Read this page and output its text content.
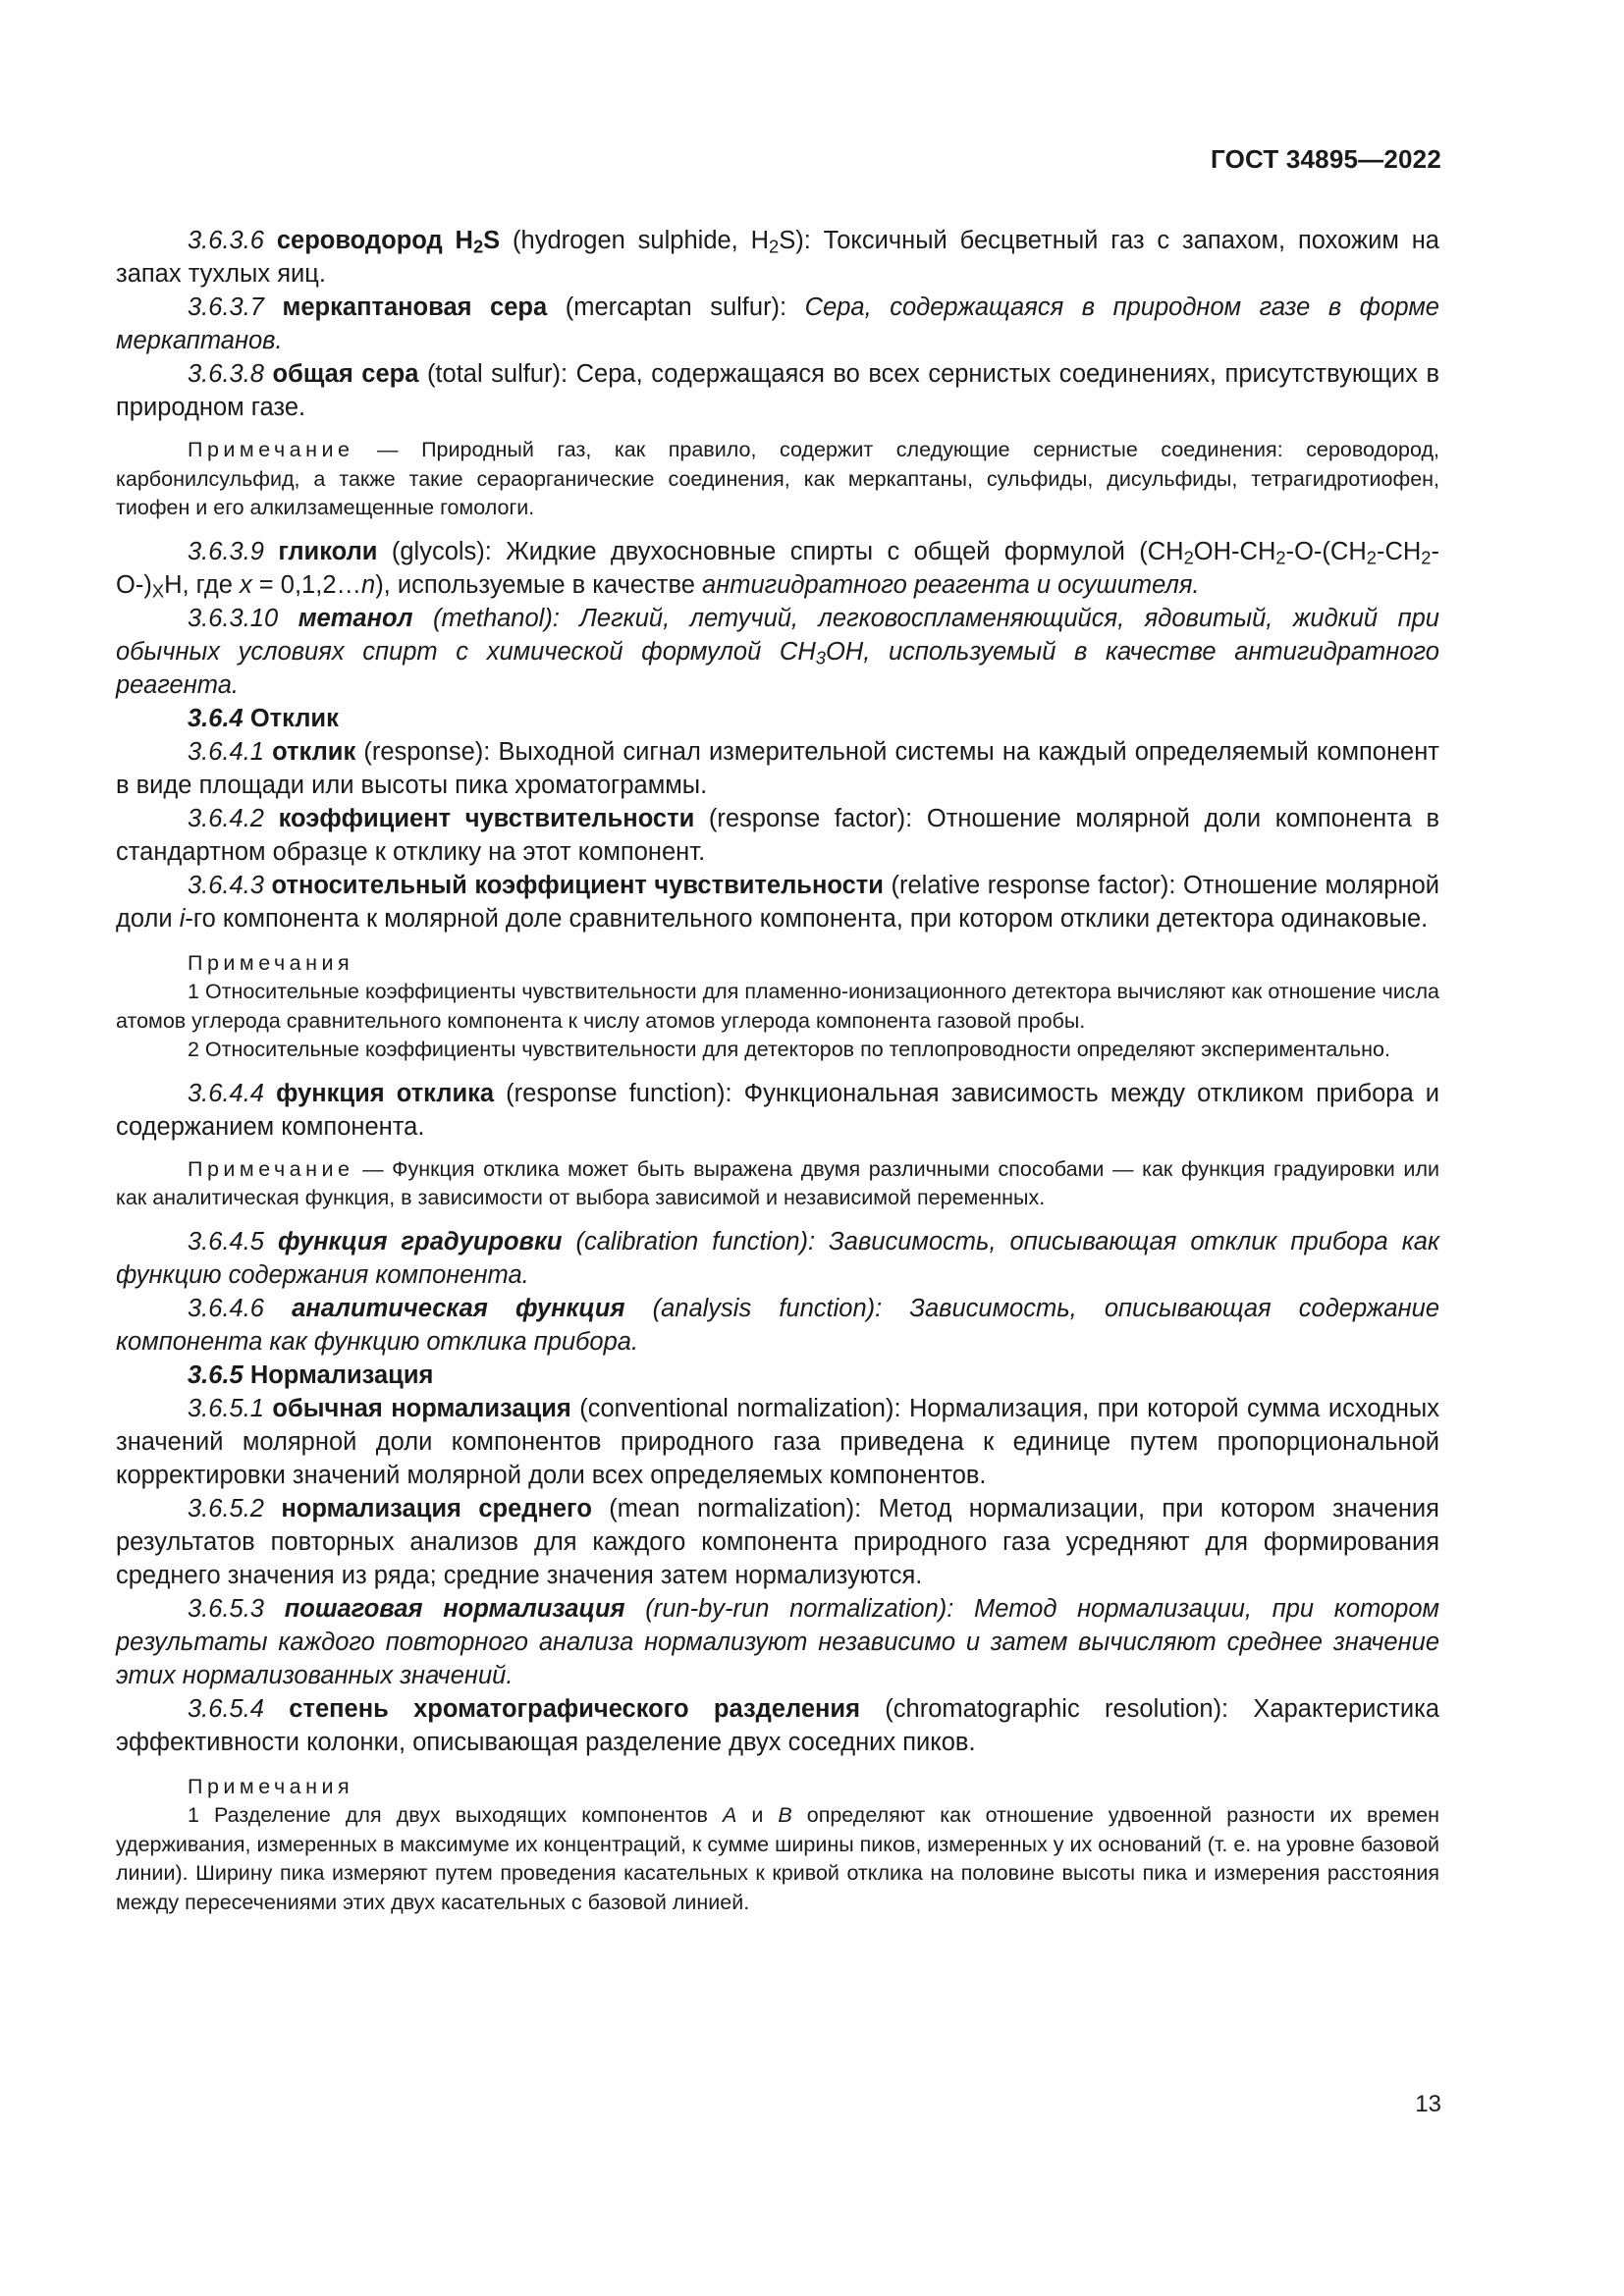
ГОСТ 34895—2022

3.6.3.6 сероводород $H_2S$ (hydrogen sulphide, $H_2S$): Токсичный бесцветный газ с запахом, похожим на запах тухлых яиц.

3.6.3.7 меркаптановая сера (mercaptan sulfur): Сера, содержащаяся в природном газе в форме меркаптанов.

3.6.3.8 общая сера (total sulfur): Сера, содержащаяся во всех сернистых соединениях, присутствующих в природном газе.

Примечание — Природный газ, как правило, содержит следующие сернистые соединения: сероводород, карбонилсульфид, а также такие сераорганические соединения, как меркаптаны, сульфиды, дисульфиды, тетрагидротиофен, тиофен и его алкилзамещенные гомологи.

3.6.3.9 гликоли (glycols): Жидкие двухосновные спирты с общей формулой ($CH_2OH-CH_2-O-(CH_2-CH_2-O-)_XH$, где x = 0,1,2…n), используемые в качестве антигидратного реагента и осушителя.

3.6.3.10 метанол (methanol): Легкий, летучий, легковоспламеняющийся, ядовитый, жидкий при обычных условиях спирт с химической формулой $CH_3OH$, используемый в качестве антигидратного реагента.

3.6.4 Отклик

3.6.4.1 отклик (response): Выходной сигнал измерительной системы на каждый определяемый компонент в виде площади или высоты пика хроматограммы.

3.6.4.2 коэффициент чувствительности (response factor): Отношение молярной доли компонента в стандартном образце к отклику на этот компонент.

3.6.4.3 относительный коэффициент чувствительности (relative response factor): Отношение молярной доли i-го компонента к молярной доле сравнительного компонента, при котором отклики детектора одинаковые.

Примечания

1 Относительные коэффициенты чувствительности для пламенно-ионизационного детектора вычисляют как отношение числа атомов углерода сравнительного компонента к числу атомов углерода компонента газовой пробы.

2 Относительные коэффициенты чувствительности для детекторов по теплопроводности определяют экспериментально.

3.6.4.4 функция отклика (response function): Функциональная зависимость между откликом прибора и содержанием компонента.

Примечание — Функция отклика может быть выражена двумя различными способами — как функция градуировки или как аналитическая функция, в зависимости от выбора зависимой и независимой переменных.

3.6.4.5 функция градуировки (calibration function): Зависимость, описывающая отклик прибора как функцию содержания компонента.

3.6.4.6 аналитическая функция (analysis function): Зависимость, описывающая содержание компонента как функцию отклика прибора.

3.6.5 Нормализация

3.6.5.1 обычная нормализация (conventional normalization): Нормализация, при которой сумма исходных значений молярной доли компонентов природного газа приведена к единице путем пропорциональной корректировки значений молярной доли всех определяемых компонентов.

3.6.5.2 нормализация среднего (mean normalization): Метод нормализации, при котором значения результатов повторных анализов для каждого компонента природного газа усредняют для формирования среднего значения из ряда; средние значения затем нормализуются.

3.6.5.3 пошаговая нормализация (run-by-run normalization): Метод нормализации, при котором результаты каждого повторного анализа нормализуют независимо и затем вычисляют среднее значение этих нормализованных значений.

3.6.5.4 степень хроматографического разделения (chromatographic resolution): Характеристика эффективности колонки, описывающая разделение двух соседних пиков.

Примечания

1 Разделение для двух выходящих компонентов A и B определяют как отношение удвоенной разности их времен удерживания, измеренных в максимуме их концентраций, к сумме ширины пиков, измеренных у их оснований (т. е. на уровне базовой линии). Ширину пика измеряют путем проведения касательных к кривой отклика на половине высоты пика и измерения расстояния между пересечениями этих двух касательных с базовой линией.

13
